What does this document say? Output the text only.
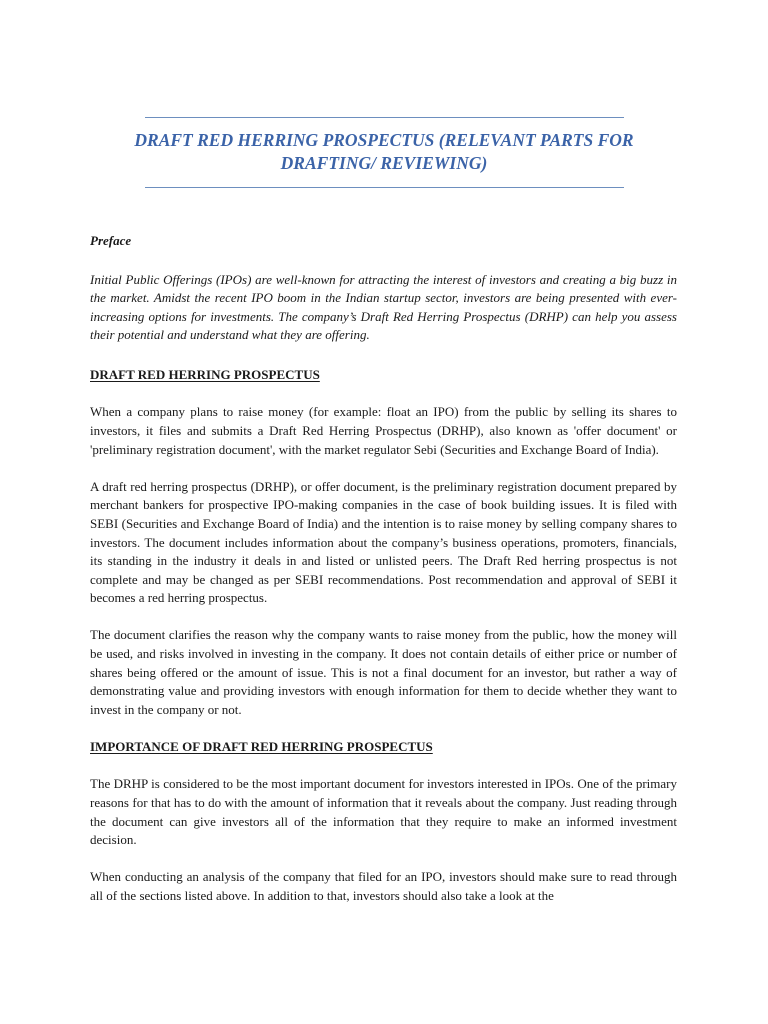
DRAFT RED HERRING PROSPECTUS (RELEVANT PARTS FOR DRAFTING/ REVIEWING)
Preface

Initial Public Offerings (IPOs) are well-known for attracting the interest of investors and creating a big buzz in the market. Amidst the recent IPO boom in the Indian startup sector, investors are being presented with ever-increasing options for investments. The company’s Draft Red Herring Prospectus (DRHP) can help you assess their potential and understand what they are offering.

DRAFT RED HERRING PROSPECTUS

When a company plans to raise money (for example: float an IPO) from the public by selling its shares to investors, it files and submits a Draft Red Herring Prospectus (DRHP), also known as 'offer document' or 'preliminary registration document', with the market regulator Sebi (Securities and Exchange Board of India).

A draft red herring prospectus (DRHP), or offer document, is the preliminary registration document prepared by merchant bankers for prospective IPO-making companies in the case of book building issues. It is filed with SEBI (Securities and Exchange Board of India) and the intention is to raise money by selling company shares to investors. The document includes information about the company’s business operations, promoters, financials, its standing in the industry it deals in and listed or unlisted peers. The Draft Red herring prospectus is not complete and may be changed as per SEBI recommendations. Post recommendation and approval of SEBI it becomes a red herring prospectus.

The document clarifies the reason why the company wants to raise money from the public, how the money will be used, and risks involved in investing in the company. It does not contain details of either price or number of shares being offered or the amount of issue. This is not a final document for an investor, but rather a way of demonstrating value and providing investors with enough information for them to decide whether they want to invest in the company or not.

IMPORTANCE OF DRAFT RED HERRING PROSPECTUS

The DRHP is considered to be the most important document for investors interested in IPOs. One of the primary reasons for that has to do with the amount of information that it reveals about the company. Just reading through the document can give investors all of the information that they require to make an informed investment decision.

When conducting an analysis of the company that filed for an IPO, investors should make sure to read through all of the sections listed above. In addition to that, investors should also take a look at the
